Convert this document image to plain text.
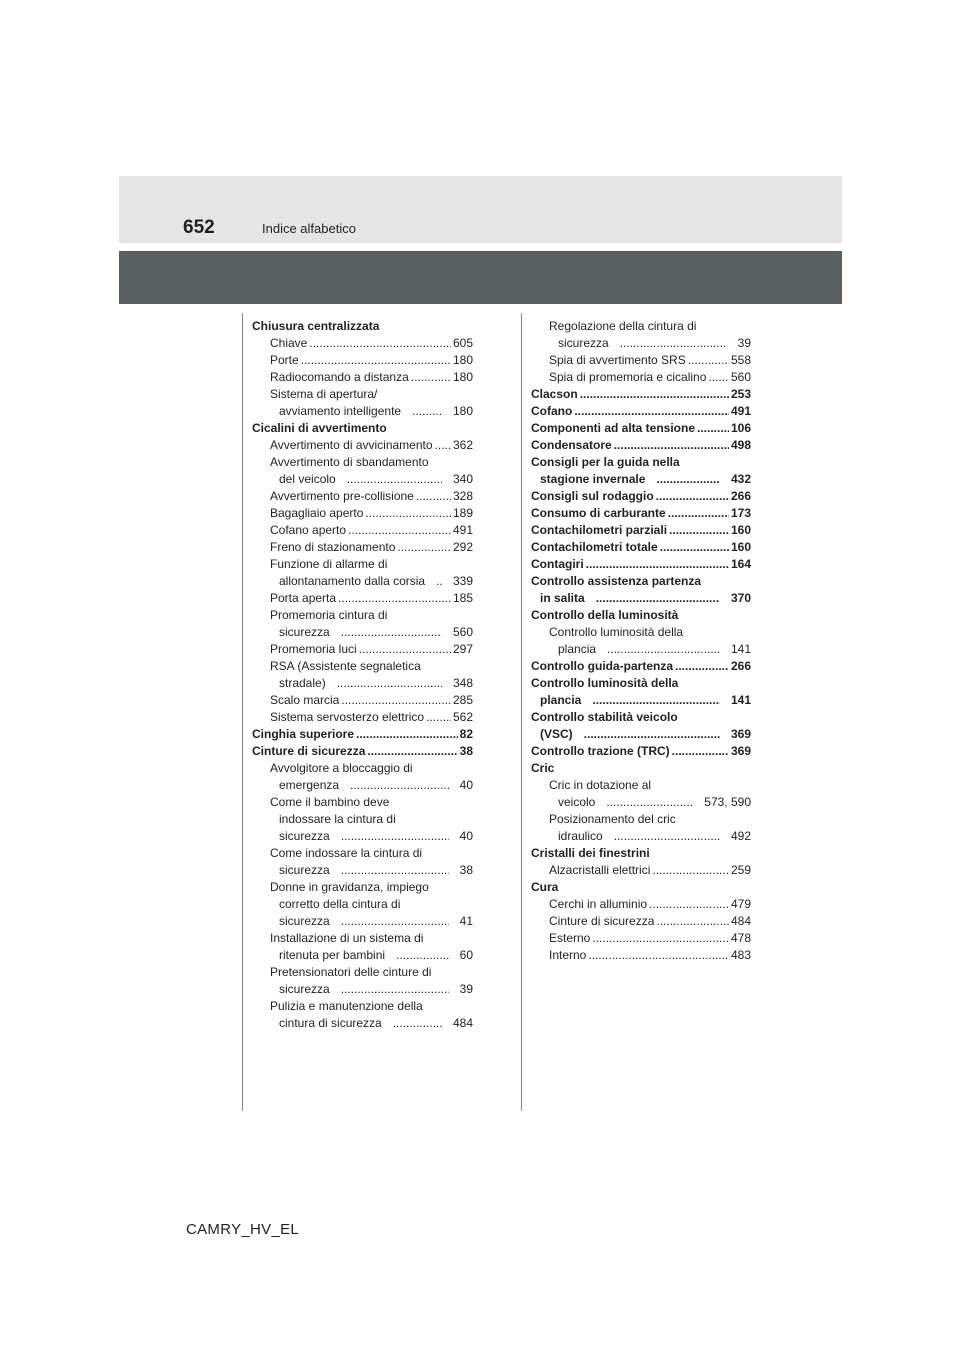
652	Indice alfabetico
Chiusura centralizzata
Chiave .....	605
Porte .....	180
Radiocomando a distanza .....	180
Sistema di apertura/
avviamento intelligente .....	180
Cicalini di avvertimento
Avvertimento di avvicinamento ..... 362
Avvertimento di sbandamento
del veicolo .....	340
Avvertimento pre-collisione .....	328
Bagagliaio aperto .....	189
Cofano aperto .....	491
Freno di stazionamento .....	292
Funzione di allarme di
allontanamento dalla corsia .....	339
Porta aperta .....	185
Promemoria cintura di
sicurezza .....	560
Promemoria luci .....	297
RSA (Assistente segnaletica
stradale) .....	348
Scalo marcia .....	285
Sistema servosterzo elettrico ..... 562
Cinghia superiore .....	82
Cinture di sicurezza .....	38
Avvolgitore a bloccaggio di
emergenza .....	40
Come il bambino deve
indossare la cintura di
sicurezza .....	40
Come indossare la cintura di
sicurezza .....	38
Donne in gravidanza, impiego
corretto della cintura di
sicurezza .....	41
Installazione di un sistema di
ritenuta per bambini .....	60
Pretensionatori delle cinture di
sicurezza .....	39
Pulizia e manutenzione della
cintura di sicurezza .....	484
Regolazione della cintura di
sicurezza .....	39
Spia di avvertimento SRS .....	558
Spia di promemoria e cicalino ..... 560
Clacson .....	253
Cofano .....	491
Componenti ad alta tensione .....	106
Condensatore .....	498
Consigli per la guida nella
stagione invernale .....	432
Consigli sul rodaggio .....	266
Consumo di carburante .....	173
Contachilometri parziali .....	160
Contachilometri totale .....	160
Contagiri .....	164
Controllo assistenza partenza
in salita .....	370
Controllo della luminosità
Controllo luminosità della
plancia .....	141
Controllo guida-partenza .....	266
Controllo luminosità della
plancia .....	141
Controllo stabilità veicolo
(VSC) .....	369
Controllo trazione (TRC) .....	369
Cric
Cric in dotazione al
veicolo .....	573, 590
Posizionamento del cric
idraulico .....	492
Cristalli dei finestrini
Alzacristalli elettrici .....	259
Cura
Cerchi in alluminio .....	479
Cinture di sicurezza .....	484
Esterno .....	478
Interno .....	483
CAMRY_HV_EL
